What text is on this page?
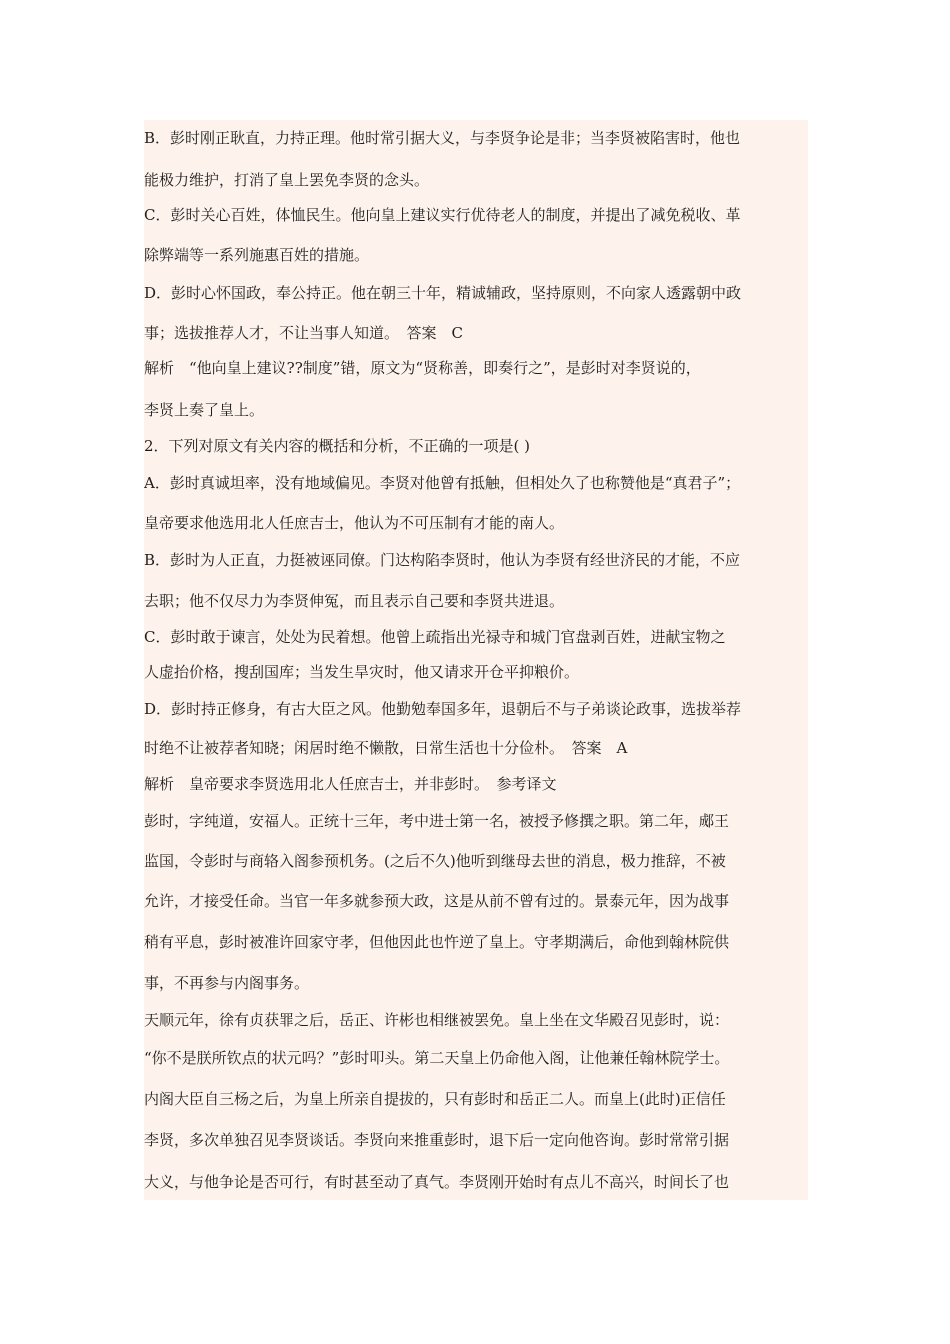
B．彭时刚正耿直，力持正理。他时常引据大义，与李贤争论是非；当李贤被陷害时，他也
能极力维护，打消了皇上罢免李贤的念头。
C．彭时关心百姓，体恤民生。他向皇上建议实行优待老人的制度，并提出了减免税收、革
除弊端等一系列施惠百姓的措施。
D．彭时心怀国政，奉公持正。他在朝三十年，精诚辅政，坚持原则，不向家人透露朝中政
事；选拔推荐人才，不让当事人知道。　答案　C
解析　“他向皇上建议??制度”错，原文为“贤称善，即奏行之”，是彭时对李贤说的，
李贤上奏了皇上。
2．下列对原文有关内容的概括和分析，不正确的一项是( )
A．彭时真诚坦率，没有地域偏见。李贤对他曾有抵触，但相处久了也称赞他是“真君子”；
皇帝要求他选用北人任庶吉士，他认为不可压制有才能的南人。
B．彭时为人正直，力挺被诬同僚。门达构陷李贤时，他认为李贤有经世济民的才能，不应
去职；他不仅尽力为李贤伸冤，而且表示自己要和李贤共进退。
C．彭时敢于谏言，处处为民着想。他曾上疏指出光禄寺和城门官盘剥百姓，进献宝物之
人虚抬价格，搜刮国库；当发生旱灾时，他又请求开仓平抑粮价。
D．彭时持正修身，有古大臣之风。他勤勉奉国多年，退朝后不与子弟谈论政事，选拔举荐
时绝不让被荐者知晓；闲居时绝不懒散，日常生活也十分俭朴。　答案　A
解析　皇帝要求李贤选用北人任庶吉士，并非彭时。　参考译文
彭时，字纯道，安福人。正统十三年，考中进士第一名，被授予修撰之职。第二年，郕王
监国，令彭时与商辂入阁参预机务。(之后不久)他听到继母去世的消息，极力推辞，不被
允许，才接受任命。当官一年多就参预大政，这是从前不曾有过的。景泰元年，因为战事
稍有平息，彭时被准许回家守孝，但他因此也忤逆了皇上。守孝期满后，命他到翰林院供
事，不再参与内阁事务。
天顺元年，徐有贞获罪之后，岳正、许彬也相继被罢免。皇上坐在文华殿召见彭时，说：
“你不是朕所钦点的状元吗？”彭时叩头。第二天皇上仍命他入阁，让他兼任翰林院学士。
内阁大臣自三杨之后，为皇上所亲自提拔的，只有彭时和岳正二人。而皇上(此时)正信任
李贤，多次单独召见李贤谈话。李贤向来推重彭时，退下后一定向他咨询。彭时常常引据
大义，与他争论是否可行，有时甚至动了真气。李贤刚开始时有点儿不高兴，时间长了也
